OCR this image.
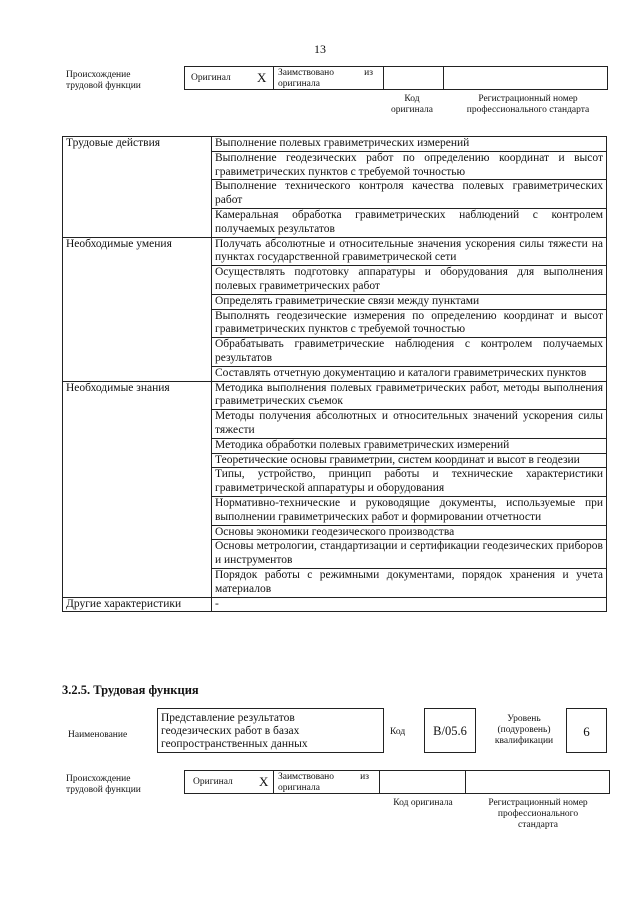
13
Происхождение
трудовой функции
Оригинал X	Заимствовано	из
оригинала
Код
оригинала
Регистрационный номер
профессионального стандарта
Трудовые действия	Выполнение полевых гравиметрических измерений
	Выполнение геодезических работ по определению координат и высот гравиметрических пунктов с требуемой точностью
	Выполнение технического контроля качества полевых гравиметрических работ
	Камеральная обработка гравиметрических наблюдений с контролем получаемых результатов
Необходимые умения	Получать абсолютные и относительные значения ускорения силы тяжести на пунктах государственной гравиметрической сети
	Осуществлять подготовку аппаратуры и оборудования для выполнения полевых гравиметрических работ
	Определять гравиметрические связи между пунктами
	Выполнять геодезические измерения по определению координат и высот гравиметрических пунктов с требуемой точностью
	Обрабатывать гравиметрические наблюдения с контролем получаемых результатов
	Составлять отчетную документацию и каталоги гравиметрических пунктов
Необходимые знания	Методика выполнения полевых гравиметрических работ, методы выполнения гравиметрических съемок
	Методы получения абсолютных и относительных значений ускорения силы тяжести
	Методика обработки полевых гравиметрических измерений
	Теоретические основы гравиметрии, систем координат и высот в геодезии
	Типы, устройство, принцип работы и технические характеристики гравиметрической аппаратуры и оборудования
	Нормативно-технические и руководящие документы, используемые при выполнении гравиметрических работ и формировании отчетности
	Основы экономики геодезического производства
	Основы метрологии, стандартизации и сертификации геодезических приборов и инструментов
	Порядок работы с режимными документами, порядок хранения и учета материалов
Другие характеристики	-
3.2.5. Трудовая функция
Наименование
Представление результатов
геодезических работ в базах
геопространственных данных
Код	B/05.6
Уровень
(подуровень)
квалификации
6
Происхождение
трудовой функции
Оригинал X	Заимствовано	из
оригинала
Код оригинала	Регистрационный номер
профессионального
стандарта
